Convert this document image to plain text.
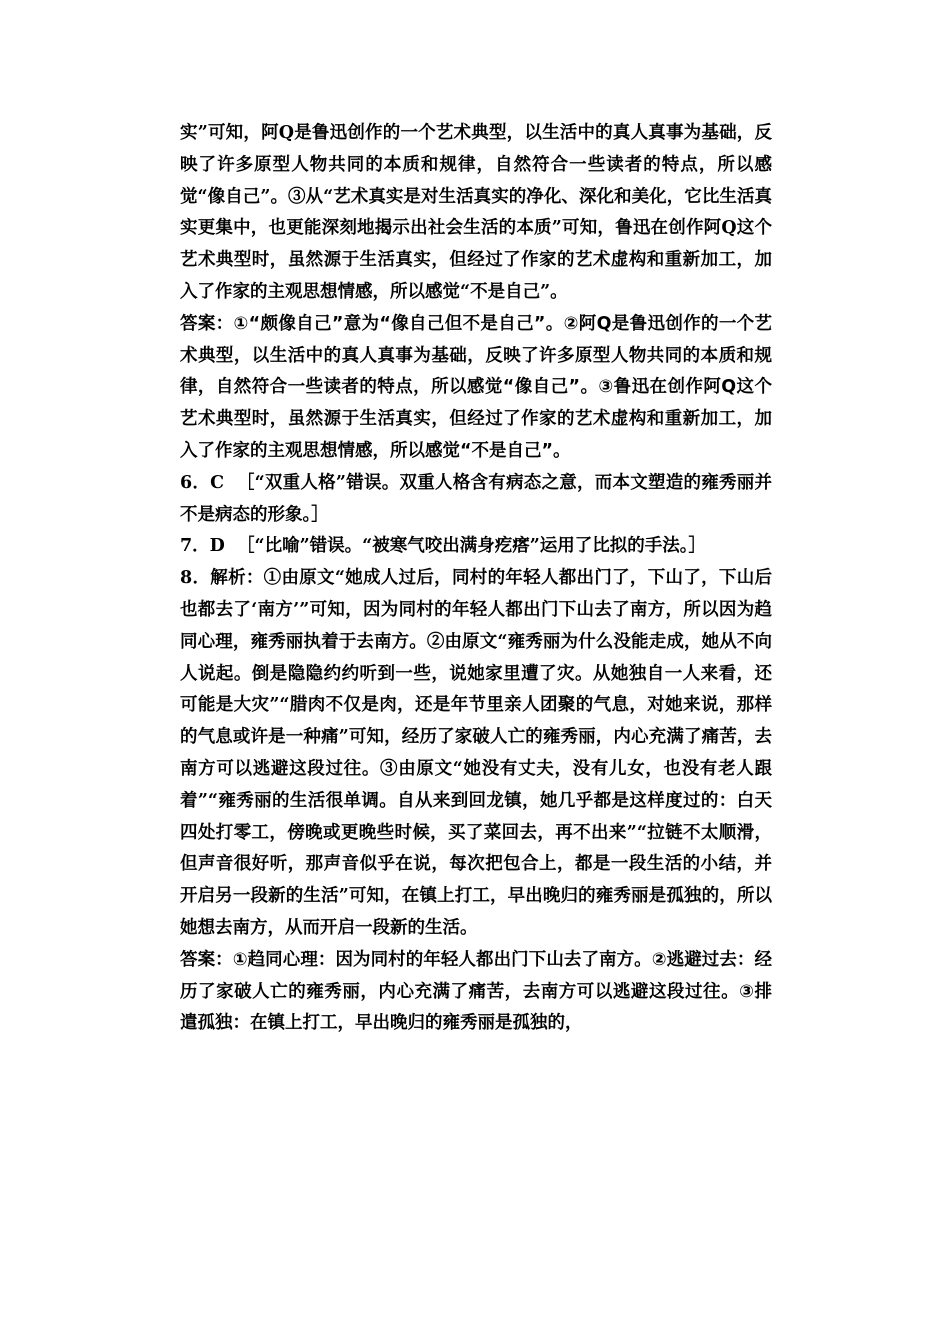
实”可知，阿Q是鲁迅创作的一个艺术典型，以生活中的真人真事为基础，反映了许多原型人物共同的本质和规律，自然符合一些读者的特点，所以感觉“像自己”。③从“艺术真实是对生活真实的净化、深化和美化，它比生活真实更集中，也更能深刻地揭示出社会生活的本质”可知，鲁迅在创作阿Q这个艺术典型时，虽然源于生活真实，但经过了作家的艺术虚构和重新加工，加入了作家的主观思想情感，所以感觉“不是自己”。

答案：①“颇像自己”意为“像自己但不是自己”。②阿Q是鲁迅创作的一个艺术典型，以生活中的真人真事为基础，反映了许多原型人物共同的本质和规律，自然符合一些读者的特点，所以感觉“像自己”。③鲁迅在创作阿Q这个艺术典型时，虽然源于生活真实，但经过了作家的艺术虚构和重新加工，加入了作家的主观思想情感，所以感觉“不是自己”。

6．C ［“双重人格”错误。双重人格含有病态之意，而本文塑造的雍秀丽并不是病态的形象。］

7．D ［“比喻”错误。“被寒气咬出满身疙瘩”运用了比拟的手法。］

8．解析：①由原文“她成人过后，同村的年轻人都出门了，下山了，下山后也都去了‘南方’”可知，因为同村的年轻人都出门下山去了南方，所以因为趋同心理，雍秀丽执着于去南方。②由原文“雍秀丽为什么没能走成，她从不向人说起。倒是隐隐约约听到一些，说她家里遭了灾。从她独自一人来看，还可能是大灾”“腊肉不仅是肉，还是年节里亲人团聚的气息，对她来说，那样的气息或许是一种痛”可知，经历了家破人亡的雍秀丽，内心充满了痛苦，去南方可以逃避这段过往。③由原文“她没有丈夫，没有儿女，也没有老人跟着”“雍秀丽的生活很单调。自从来到回龙镇，她几乎都是这样度过的：白天四处打零工，傍晚或更晚些时候，买了菜回去，再不出来”“拉链不太顺滑，但声音很好听，那声音似乎在说，每次把包合上，都是一段生活的小结，并开启另一段新的生活”可知，在镇上打工，早出晚归的雍秀丽是孤独的，所以她想去南方，从而开启一段新的生活。

答案：①趋同心理：因为同村的年轻人都出门下山去了南方。②逃避过去：经历了家破人亡的雍秀丽，内心充满了痛苦，去南方可以逃避这段过往。③排遣孤独：在镇上打工，早出晚归的雍秀丽是孤独的，
